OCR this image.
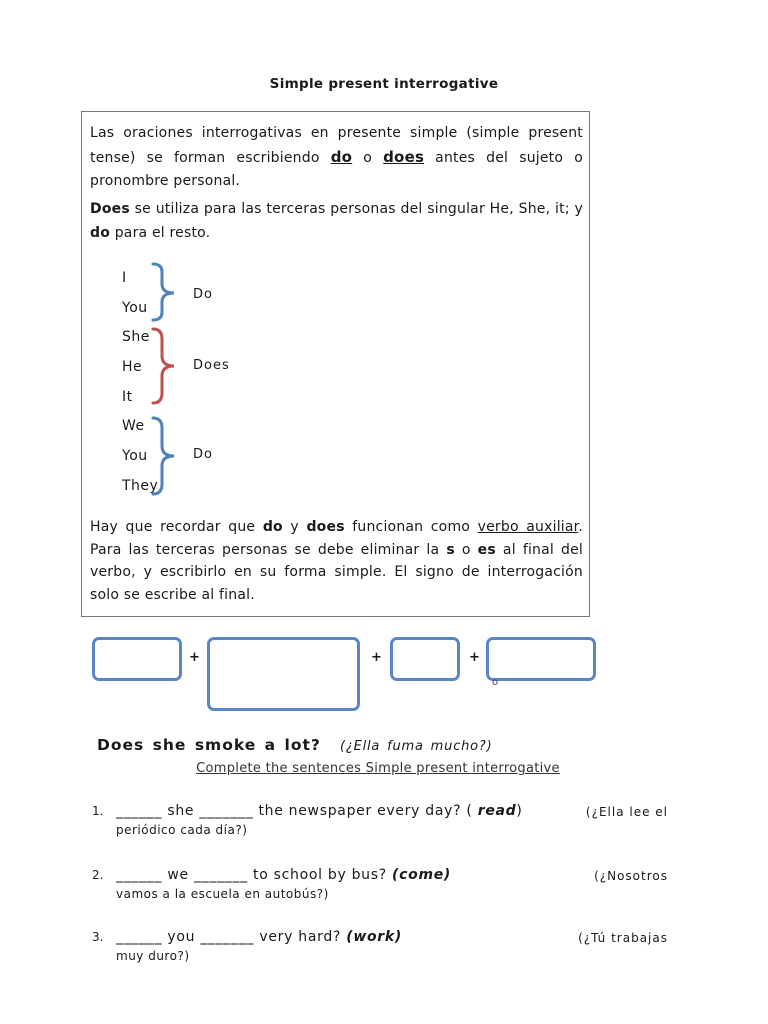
Simple present interrogative

Las oraciones interrogativas en presente simple (simple present tense) se forman escribiendo do o does antes del sujeto o pronombre personal.

Does se utiliza para las terceras personas del singular He, She, it; y do para el resto.

I
You
Do
She
He
It
Does
We
You
They
Do

Hay que recordar que do y does funcionan como verbo auxiliar. Para las terceras personas se debe eliminar la s o es al final del verbo, y escribirlo en su forma simple. El signo de interrogación solo se escribe al final.

+	+	+
o
Does she smoke a lot? (¿Ella fuma mucho?)
Complete the sentences Simple present interrogative
1. ______ she _______ the newspaper every day? ( read)	(¿Ella lee el
periódico cada día?)
2. ______ we _______ to school by bus? (come)	(¿Nosotros
vamos a la escuela en autobús?)
3. ______ you _______ very hard? (work)	(¿Tú trabajas
muy duro?)
